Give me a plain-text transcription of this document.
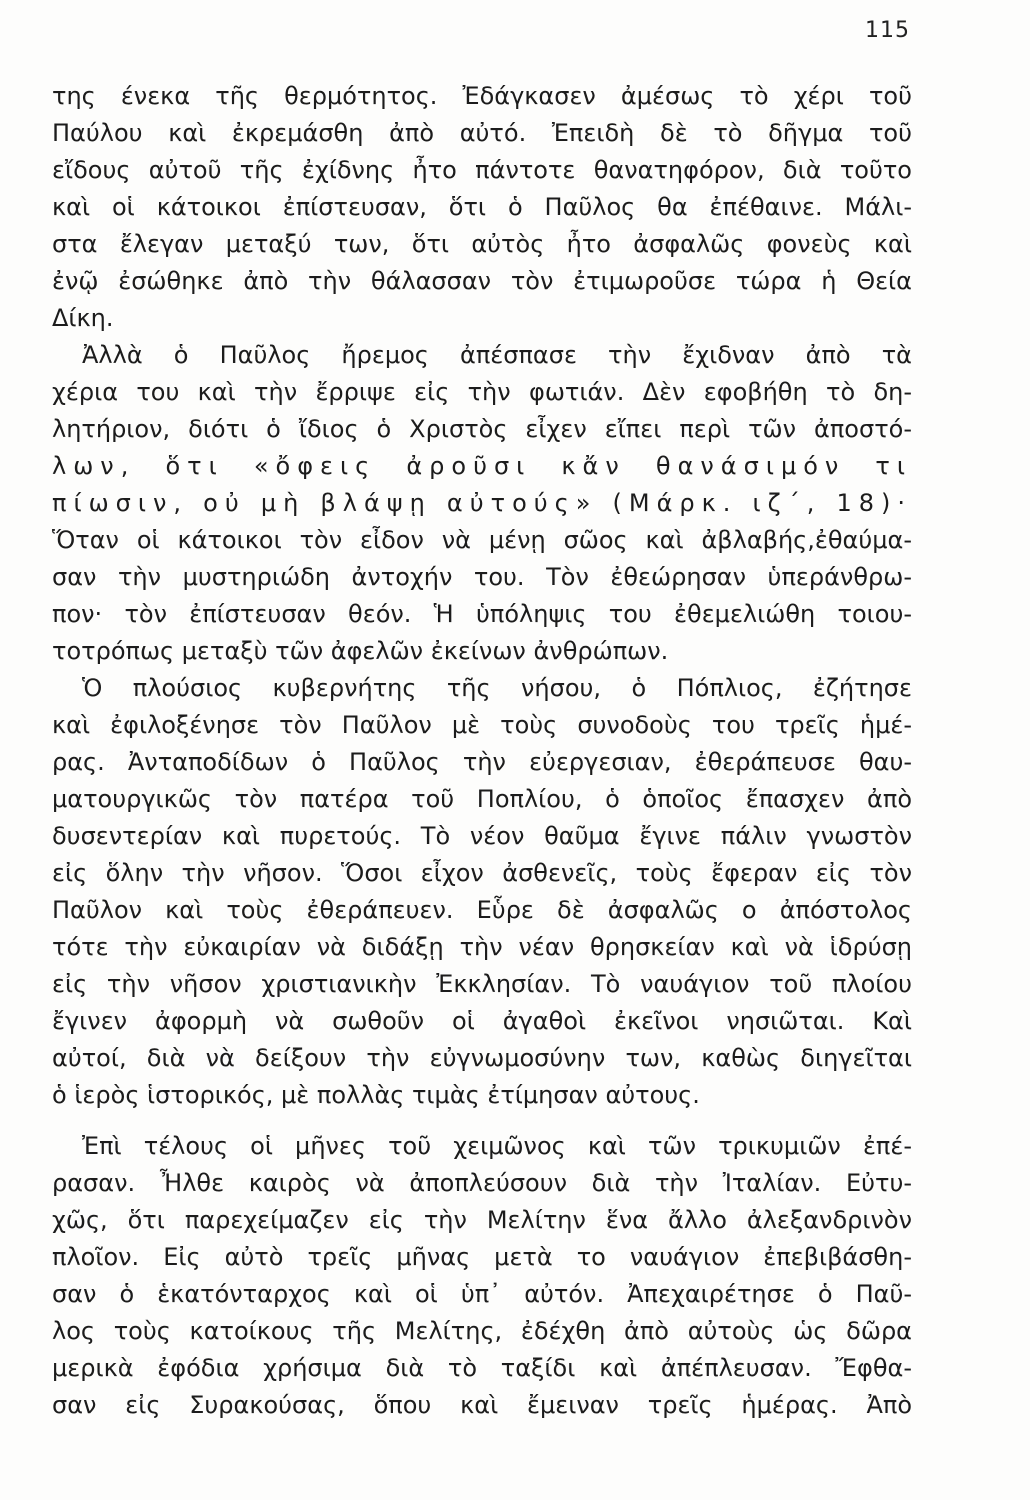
115
της ένεκα τῆς θερμότητος. Ἐδάγκασεν ἀμέσως τὸ χέρι τοῦ
Παύλου καὶ ἐκρεμάσθη ἀπὸ αὐτό. Ἐπειδὴ δὲ τὸ δῆγμα τοῦ
εἴδους αὐτοῦ τῆς ἐχίδνης ἦτο πάντοτε θανατηφόρον, διὰ τοῦτο
καὶ οἱ κάτοικοι ἐπίστευσαν, ὅτι ὁ Παῦλος θα ἐπέθαινε. Μάλι-
στα ἔλεγαν μεταξύ των, ὅτι αὐτὸς ἦτο ἀσφαλῶς φονεὺς καὶ
ἐνῷ ἐσώθηκε ἀπὸ τὴν θάλασσαν τὸν ἐτιμωροῦσε τώρα ἡ Θεία
Δίκη.
Ἀλλὰ ὁ Παῦλος ἤρεμος ἀπέσπασε τὴν ἔχιδναν ἀπὸ τὰ
χέρια του καὶ τὴν ἔρριψε εἰς τὴν φωτιάν. Δὲν εφοβήθη τὸ δη-
λητήριον, διότι ὁ ἴδιος ὁ Χριστὸς εἶχεν εἴπει περὶ τῶν ἀποστό-
λων, ὅτι «ὄφεις ἀροῦσι κἄν θανάσιμόν τι
πίωσιν, οὐ μὴ βλάψῃ αὐτούς» (Μάρκ. ιζ΄, 18)·
Ὅταν οἱ κάτοικοι τὸν εἶδον νὰ μένῃ σῶος καὶ ἀβλαβής,ἐθαύμα-
σαν τὴν μυστηριώδη ἀντοχήν του. Τὸν ἐθεώρησαν ὑπεράνθρω-
πον· τὸν ἐπίστευσαν θεόν. Ἡ ὑπόληψις του ἐθεμελιώθη τοιου-
τοτρόπως μεταξὺ τῶν ἀφελῶν ἐκείνων ἀνθρώπων.
Ὁ πλούσιος κυβερνήτης τῆς νήσου, ὁ Πόπλιος, ἐζήτησε
καὶ ἐφιλοξένησε τὸν Παῦλον μὲ τοὺς συνοδοὺς του τρεῖς ἡμέ-
ρας. Ἀνταποδίδων ὁ Παῦλος τὴν εὐεργεσιαν, ἐθεράπευσε θαυ-
ματουργικῶς τὸν πατέρα τοῦ Ποπλίου, ὁ ὁποῖος ἔπασχεν ἀπὸ
δυσεντερίαν καὶ πυρετούς. Τὸ νέον θαῦμα ἔγινε πάλιν γνωστὸν
εἰς ὅλην τὴν νῆσον. Ὅσοι εἶχον ἀσθενεῖς, τοὺς ἔφεραν εἰς τὸν
Παῦλον καὶ τοὺς ἐθεράπευεν. Εὗρε δὲ ἀσφαλῶς ο ἀπόστολος
τότε τὴν εὐκαιρίαν νὰ διδάξῃ τὴν νέαν θρησκείαν καὶ νὰ ἱδρύσῃ
εἰς τὴν νῆσον χριστιανικὴν Ἐκκλησίαν. Τὸ ναυάγιον τοῦ πλοίου
ἔγινεν ἀφορμὴ νὰ σωθοῦν οἱ ἀγαθοὶ ἐκεῖνοι νησιῶται. Καὶ
αὐτοί, διὰ νὰ δείξουν τὴν εὐγνωμοσύνην των, καθὼς διηγεῖται
ὁ ἱερὸς ἱστορικός, μὲ πολλὰς τιμὰς ἐτίμησαν αὐτους.
Ἐπὶ τέλους οἱ μῆνες τοῦ χειμῶνος καὶ τῶν τρικυμιῶν ἐπέ-
ρασαν. Ἦλθε καιρὸς νὰ ἀποπλεύσουν διὰ τὴν Ἰταλίαν. Εὐτυ-
χῶς, ὅτι παρεχείμαζεν εἰς τὴν Μελίτην ἕνα ἄλλο ἀλεξανδρινὸν
πλοῖον. Εἰς αὐτὸ τρεῖς μῆνας μετὰ το ναυάγιον ἐπεβιβάσθη-
σαν ὁ ἑκατόνταρχος καὶ οἱ ὑπ᾽ αὐτόν. Ἀπεχαιρέτησε ὁ Παῦ-
λος τοὺς κατοίκους τῆς Μελίτης, ἐδέχθη ἀπὸ αὐτοὺς ὡς δῶρα
μερικὰ ἐφόδια χρήσιμα διὰ τὸ ταξίδι καὶ ἀπέπλευσαν. Ἔφθα-
σαν εἰς Συρακούσας, ὅπου καὶ ἔμειναν τρεῖς ἡμέρας. Ἀπὸ
